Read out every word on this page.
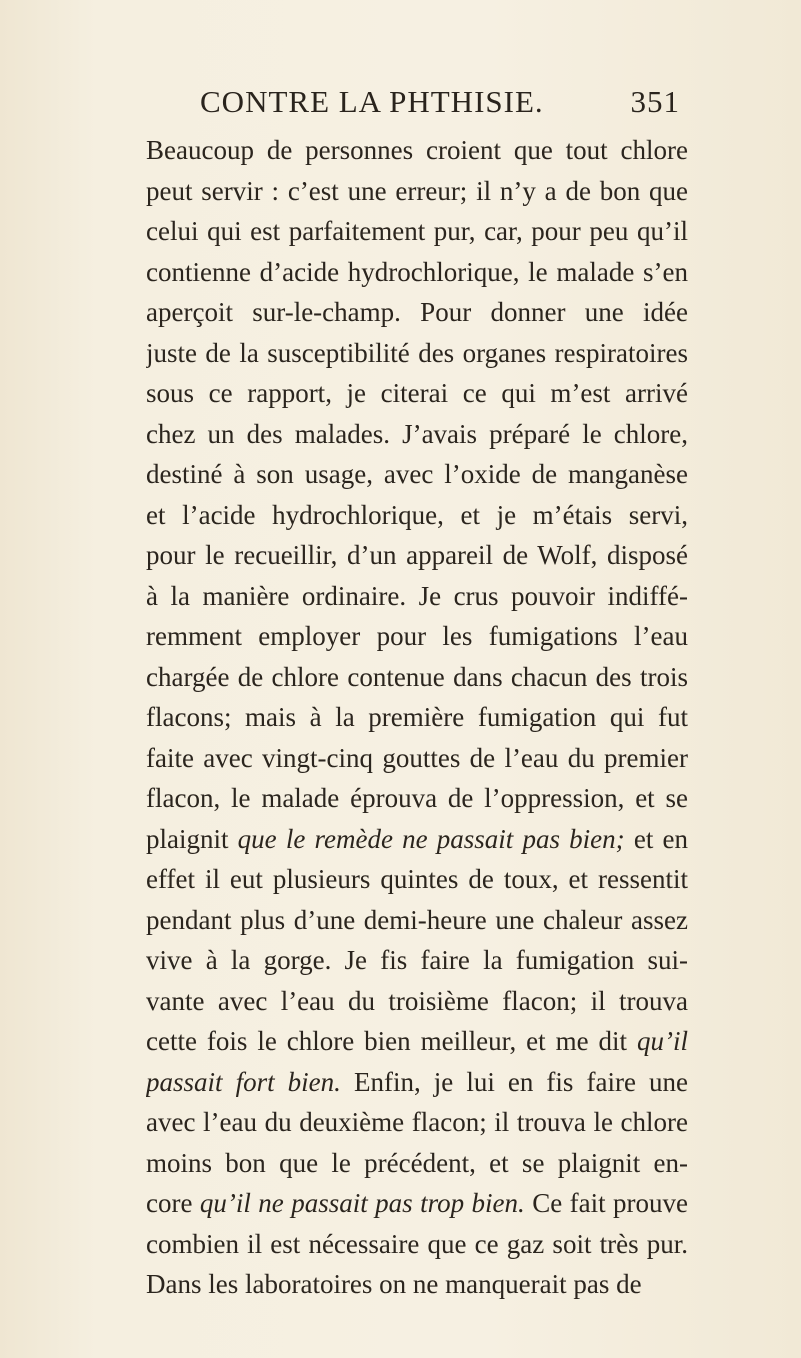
CONTRE LA PHTHISIE.	351
Beaucoup de personnes croient que tout chlore
peut servir : c’est une erreur; il n’y a de bon que
celui qui est parfaitement pur, car, pour peu qu’il
contienne d’acide hydrochlorique, le malade s’en
aperçoit sur-le-champ. Pour donner une idée
juste de la susceptibilité des organes respiratoires
sous ce rapport, je citerai ce qui m’est arrivé
chez un des malades. J’avais préparé le chlore,
destiné à son usage, avec l’oxide de manganèse
et l’acide hydrochlorique, et je m’étais servi,
pour le recueillir, d’un appareil de Wolf, disposé
à la manière ordinaire. Je crus pouvoir indiffé-
remment employer pour les fumigations l’eau
chargée de chlore contenue dans chacun des trois
flacons; mais à la première fumigation qui fut
faite avec vingt-cinq gouttes de l’eau du premier
flacon, le malade éprouva de l’oppression, et se
plaignit que le remède ne passait pas bien; et en
effet il eut plusieurs quintes de toux, et ressentit
pendant plus d’une demi-heure une chaleur assez
vive à la gorge. Je fis faire la fumigation sui-
vante avec l’eau du troisième flacon; il trouva
cette fois le chlore bien meilleur, et me dit qu’il
passait fort bien. Enfin, je lui en fis faire une
avec l’eau du deuxième flacon; il trouva le chlore
moins bon que le précédent, et se plaignit en-
core qu’il ne passait pas trop bien. Ce fait prouve
combien il est nécessaire que ce gaz soit très pur.
Dans les laboratoires on ne manquerait pas de
